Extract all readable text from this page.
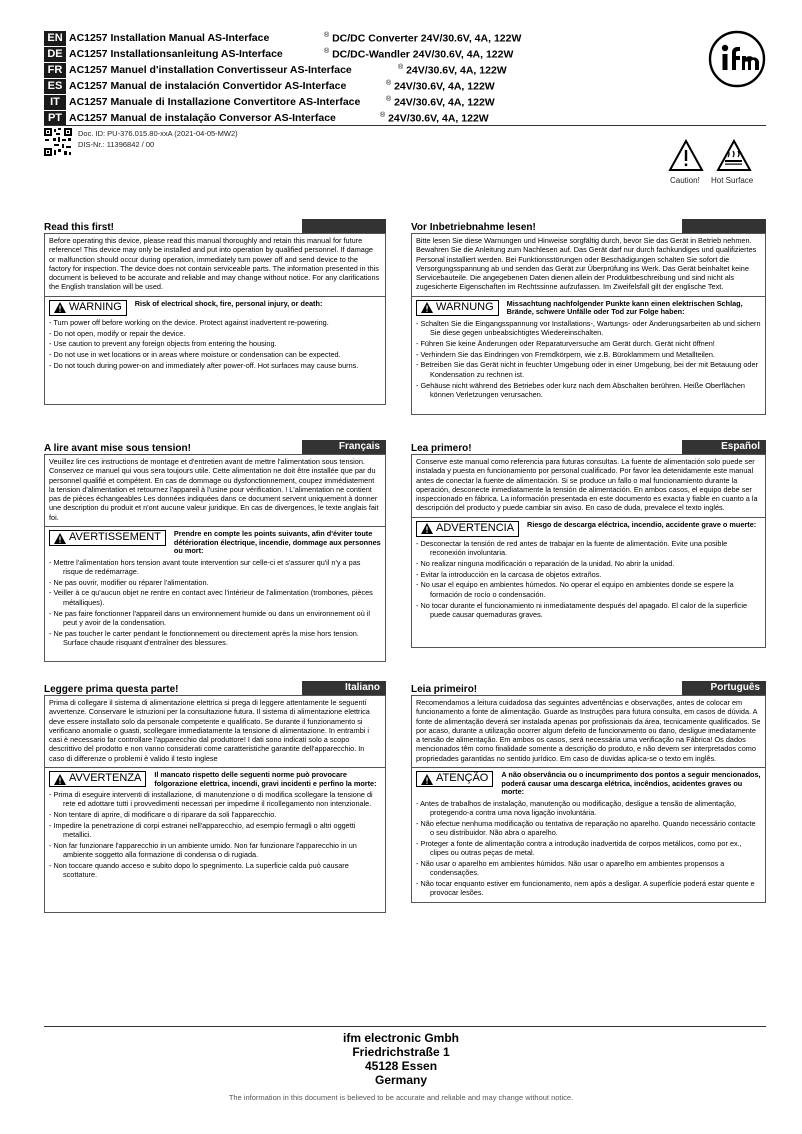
EN AC1257 Installation Manual AS-Interface	® DC/DC Converter 24V/30.6V, 4A, 122W
DE AC1257 Installationsanleitung AS-Interface	® DC/DC-Wandler 24V/30.6V, 4A, 122W
FR AC1257 Manuel d'installation Convertisseur AS-Interface	® 24V/30.6V, 4A, 122W
ES AC1257 Manual de instalación Convertidor AS-Interface	® 24V/30.6V, 4A, 122W
IT AC1257 Manuale di Installazione Convertitore AS-Interface	® 24V/30.6V, 4A, 122W
PT AC1257 Manual de instalação Conversor AS-Interface	® 24V/30.6V, 4A, 122W
Doc. ID: PU-376.015.80-xxA (2021-04-05-MW2)
DIS-Nr.: 11396842 / 00
Caution! Hot Surface
Read this first!
Before operating this device, please read this manual thoroughly and retain this manual for future reference! This device may only be installed and put into operation by qualified personnel. If damage or malfunction should occur during operation, immediately turn power off and send device to the factory for inspection. The device does not contain serviceable parts. The information presented in this document is believed to be accurate and reliable and may change without notice. For any clarifications the English translation will be used.
WARNING Risk of electrical shock, fire, personal injury, or death:
- Turn power off before working on the device. Protect against inadvertent re-powering.
- Do not open, modify or repair the device.
- Use caution to prevent any foreign objects from entering the housing.
- Do not use in wet locations or in areas where moisture or condensation can be expected.
- Do not touch during power-on and immediately after power-off. Hot surfaces may cause burns.
Vor Inbetriebnahme lesen!
Bitte lesen Sie diese Warnungen und Hinweise sorgfältig durch, bevor Sie das Gerät in Betrieb nehmen. Bewahren Sie die Anleitung zum Nachlesen auf. Das Gerät darf nur durch fachkundiges und qualifiziertes Personal installiert werden. Bei Funktionsstörungen oder Beschädigungen schalten Sie sofort die Versorgungsspannung ab und senden das Gerät zur Überprüfung ins Werk. Das Gerät beinhaltet keine Servicebauteile. Die angegebenen Daten dienen allein der Produktbeschreibung und sind nicht als zugesicherte Eigenschaften im Rechtssinne aufzufassen. Im Zweifelsfall gilt der englische Text.
WARNUNG Missachtung nachfolgender Punkte kann einen elektrischen Schlag, Brände, schwere Unfälle oder Tod zur Folge haben:
- Schalten Sie die Eingangsspannung vor Installations-, Wartungs- oder Änderungsarbeiten ab und sichern Sie diese gegen unbeabsichtigtes Wiedereinschalten.
- Führen Sie keine Änderungen oder Reparaturversuche am Gerät durch. Gerät nicht öffnen!
- Verhindern Sie das Eindringen von Fremdkörpern, wie z.B. Büroklammern und Metallteilen.
- Betreiben Sie das Gerät nicht in feuchter Umgebung oder in einer Umgebung, bei der mit Betauung oder Kondensation zu rechnen ist.
- Gehäuse nicht während des Betriebes oder kurz nach dem Abschalten berühren. Heiße Oberflächen können Verletzungen verursachen.
A lire avant mise sous tension!	Français
Veuillez lire ces instructions de montage et d'entretien avant de mettre l'alimentation sous tension. Conservez ce manuel qui vous sera toujours utile. Cette alimentation ne doit être installée que par du personnel qualifié et compétent. En cas de dommage ou dysfonctionnement, coupez immédiatement la tension d'alimentation et retournez l'appareil à l'usine pour vérification. ! L'alimentation ne contient pas de pièces échangeables Les données indiquées dans ce document servent uniquement à donner une description du produit et n'ont aucune valeur juridique. En cas de divergences, le texte anglais fait foi.
AVERTISSEMENT Prendre en compte les points suivants, afin d'éviter toute détérioration électrique, incendie, dommage aux personnes ou mort:
- Mettre l'alimentation hors tension avant toute intervention sur celle-ci et s'assurer qu'il n'y a pas risque de redémarrage.
- Ne pas ouvrir, modifier ou réparer l'alimentation.
- Veiller à ce qu'aucun objet ne rentre en contact avec l'intérieur de l'alimentation (trombones, pièces métalliques).
- Ne pas faire fonctionner l'appareil dans un environnement humide ou dans un environnement où il peut y avoir de la condensation.
- Ne pas toucher le carter pendant le fonctionnement ou directement après la mise hors tension. Surface chaude risquant d'entraîner des blessures.
Lea primero!	Español
Conserve este manual como referencia para futuras consultas. La fuente de alimentación solo puede ser instalada y puesta en funcionamiento por personal cualificado. Por favor lea detenidamente este manual antes de conectar la fuente de alimentación. Si se produce un fallo o mal funcionamiento durante la operación, desconecte inmediatamente la tensión de alimentación. En ambos casos, el equipo debe ser inspeccionado en fábrica. La información presentada en este documento es exacta y fiable en cuanto a la descripción del producto y puede cambiar sin aviso. En caso de duda, prevalece el texto inglés.
ADVERTENCIA Riesgo de descarga eléctrica, incendio, accidente grave o muerte:
- Desconectar la tensión de red antes de trabajar en la fuente de alimentación. Evite una posible reconexión involuntaria.
- No realizar ninguna modificación o reparación de la unidad. No abrir la unidad.
- Evitar la introducción en la carcasa de objetos extraños.
- No usar el equipo en ambientes húmedos. No operar el equipo en ambientes donde se espere la formación de rocío o condensación.
- No tocar durante el funcionamiento ni inmediatamente después del apagado. El calor de la superficie puede causar quemaduras graves.
Leggere prima questa parte!	Italiano
Prima di collegare il sistema di alimentazione elettrica si prega di leggere attentamente le seguenti avvertenze. Conservare le istruzioni per la consultazione futura. Il sistema di alimentazione elettrica deve essere installato solo da personale competente e qualificato. Se durante il funzionamento si verificano anomalie o guasti, scollegare immediatamente la tensione di alimentazione. In entrambi i casi è necessario far controllare l'apparecchio dal produttore! I dati sono indicati solo a scopo descrittivo del prodotto e non vanno considerati come caratteristiche garantite dell'apparecchio. In caso di differenze o problemi è valido il testo inglese
AVVERTENZA Il mancato rispetto delle seguenti norme può provocare folgorazione elettrica, incendi, gravi incidenti e perfino la morte:
- Prima di eseguire interventi di installazione, di manutenzione o di modifica scollegare la tensione di rete ed adottare tutti i provvedimenti necessari per impedirne il ricollegamento non intenzionale.
- Non tentare di aprire, di modificare o di riparare da soli l'apparecchio.
- Impedire la penetrazione di corpi estranei nell'apparecchio, ad esempio fermagli o altri oggetti metallici.
- Non far funzionare l'apparecchio in un ambiente umido. Non far funzionare l'apparecchio in un ambiente soggetto alla formazione di condensa o di rugiada.
- Non toccare quando acceso e subito dopo lo spegnimento. La superficie calda può causare scottature.
Leia primeiro!	Português
Recomendamos a leitura cuidadosa das seguintes advertências e observações, antes de colocar em funcionamento a fonte de alimentação. Guarde as Instruções para futura consulta, em casos de dúvida. A fonte de alimentação deverá ser instalada apenas por profissionais da área, tecnicamente qualificados. Se por acaso, durante a utilização ocorrer algum defeito de funcionamento ou dano, desligue imediatamente a tensão de alimentação. Em ambos os casos, será necessária uma verificação na Fábrica! Os dados mencionados têm como finalidade somente a descrição do produto, e não devem ser interpretados como propriedades garantidas no sentido jurídico. Em caso de duvidas aplica-se o texto em inglês.
ATENÇÃO A não observância ou o incumprimento dos pontos a seguir mencionados, poderá causar uma descarga elétrica, incêndios, acidentes graves ou morte:
- Antes de trabalhos de instalação, manutenção ou modificação, desligue a tensão de alimentação, protegendo-a contra uma nova ligação involuntária.
- Não efectue nenhuma modificação ou tentativa de reparação no aparelho. Quando necessário contacte o seu distribuidor. Não abra o aparelho.
- Proteger a fonte de alimentação contra a introdução inadvertida de corpos metálicos, como por ex., clipes ou outras peças de metal.
- Não usar o aparelho em ambientes húmidos. Não usar o aparelho em ambientes propensos a condensações.
- Não tocar enquanto estiver em funcionamento, nem após a desligar. A superfície poderá estar quente e provocar lesões.
ifm electronic Gmbh
Friedrichstraße 1
45128 Essen
Germany
The information in this document is believed to be accurate and reliable and may change without notice.
